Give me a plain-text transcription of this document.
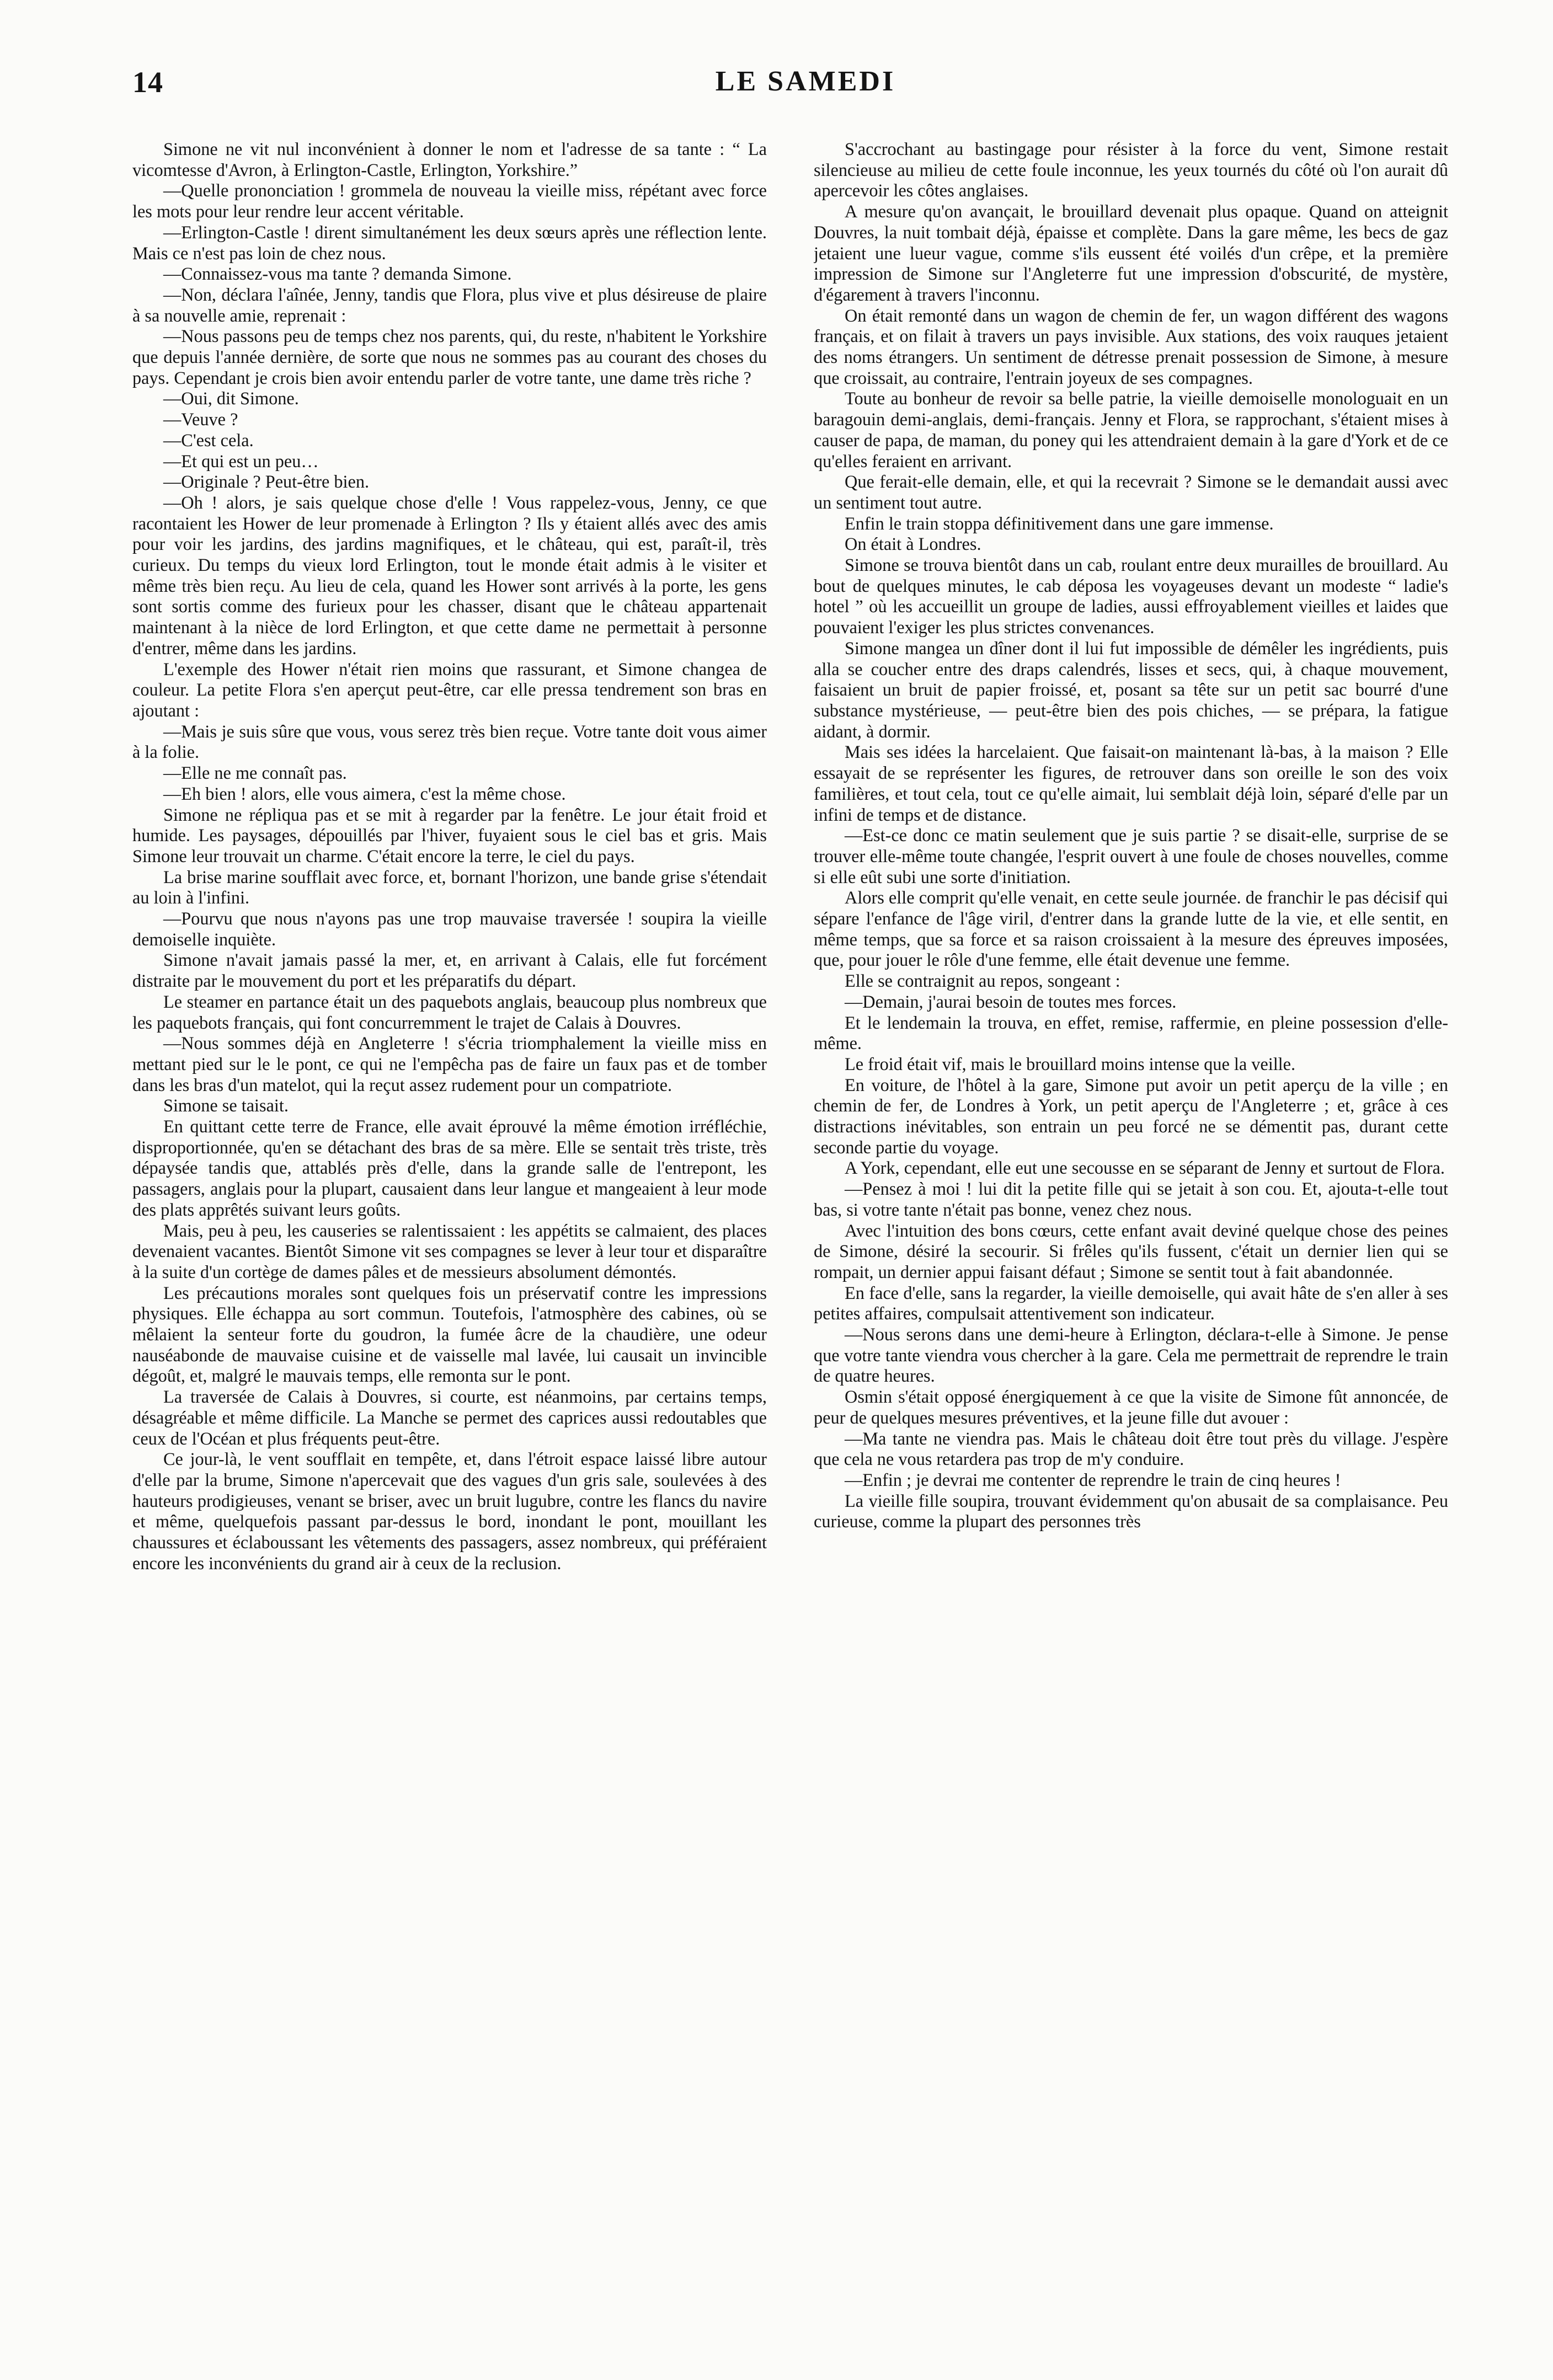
14	LE SAMEDI

Simone ne vit nul inconvénient à donner le nom et l'adresse de sa tante : “ La vicomtesse d'Avron, à Erlington-Castle, Erlington, Yorkshire.”

—Quelle prononciation ! grommela de nouveau la vieille miss, répétant avec force les mots pour leur rendre leur accent véritable.

—Erlington-Castle ! dirent simultanément les deux sœurs après une réflection lente. Mais ce n'est pas loin de chez nous.

—Connaissez-vous ma tante ? demanda Simone.

—Non, déclara l'aînée, Jenny, tandis que Flora, plus vive et plus désireuse de plaire à sa nouvelle amie, reprenait :

—Nous passons peu de temps chez nos parents, qui, du reste, n'habitent le Yorkshire que depuis l'année dernière, de sorte que nous ne sommes pas au courant des choses du pays. Cependant je crois bien avoir entendu parler de votre tante, une dame très riche ?

—Oui, dit Simone.

—Veuve ?

—C'est cela.

—Et qui est un peu…

—Originale ? Peut-être bien.

—Oh ! alors, je sais quelque chose d'elle ! Vous rappelez-vous, Jenny, ce que racontaient les Hower de leur promenade à Erlington ? Ils y étaient allés avec des amis pour voir les jardins, des jardins magnifiques, et le château, qui est, paraît-il, très curieux. Du temps du vieux lord Erlington, tout le monde était admis à le visiter et même très bien reçu. Au lieu de cela, quand les Hower sont arrivés à la porte, les gens sont sortis comme des furieux pour les chasser, disant que le château appartenait maintenant à la nièce de lord Erlington, et que cette dame ne permettait à personne d'entrer, même dans les jardins.

L'exemple des Hower n'était rien moins que rassurant, et Simone changea de couleur. La petite Flora s'en aperçut peut-être, car elle pressa tendrement son bras en ajoutant :

—Mais je suis sûre que vous, vous serez très bien reçue. Votre tante doit vous aimer à la folie.

—Elle ne me connaît pas.

—Eh bien ! alors, elle vous aimera, c'est la même chose.

Simone ne répliqua pas et se mit à regarder par la fenêtre. Le jour était froid et humide. Les paysages, dépouillés par l'hiver, fuyaient sous le ciel bas et gris. Mais Simone leur trouvait un charme. C'était encore la terre, le ciel du pays.

La brise marine soufflait avec force, et, bornant l'horizon, une bande grise s'étendait au loin à l'infini.

—Pourvu que nous n'ayons pas une trop mauvaise traversée ! soupira la vieille demoiselle inquiète.

Simone n'avait jamais passé la mer, et, en arrivant à Calais, elle fut forcément distraite par le mouvement du port et les préparatifs du départ.

Le steamer en partance était un des paquebots anglais, beaucoup plus nombreux que les paquebots français, qui font concurremment le trajet de Calais à Douvres.

—Nous sommes déjà en Angleterre ! s'écria triomphalement la vieille miss en mettant pied sur le le pont, ce qui ne l'empêcha pas de faire un faux pas et de tomber dans les bras d'un matelot, qui la reçut assez rudement pour un compatriote.

Simone se taisait.

En quittant cette terre de France, elle avait éprouvé la même émotion irréfléchie, disproportionnée, qu'en se détachant des bras de sa mère. Elle se sentait très triste, très dépaysée tandis que, attablés près d'elle, dans la grande salle de l'entrepont, les passagers, anglais pour la plupart, causaient dans leur langue et mangeaient à leur mode des plats apprêtés suivant leurs goûts.

Mais, peu à peu, les causeries se ralentissaient : les appétits se calmaient, des places devenaient vacantes. Bientôt Simone vit ses compagnes se lever à leur tour et disparaître à la suite d'un cortège de dames pâles et de messieurs absolument démontés.

Les précautions morales sont quelques fois un préservatif contre les impressions physiques. Elle échappa au sort commun. Toutefois, l'atmosphère des cabines, où se mêlaient la senteur forte du goudron, la fumée âcre de la chaudière, une odeur nauséabonde de mauvaise cuisine et de vaisselle mal lavée, lui causait un invincible dégoût, et, malgré le mauvais temps, elle remonta sur le pont.

La traversée de Calais à Douvres, si courte, est néanmoins, par certains temps, désagréable et même difficile. La Manche se permet des caprices aussi redoutables que ceux de l'Océan et plus fréquents peut-être.

Ce jour-là, le vent soufflait en tempête, et, dans l'étroit espace laissé libre autour d'elle par la brume, Simone n'apercevait que des vagues d'un gris sale, soulevées à des hauteurs prodigieuses, venant se briser, avec un bruit lugubre, contre les flancs du navire et même, quelquefois passant par-dessus le bord, inondant le pont, mouillant les chaussures et éclaboussant les vêtements des passagers, assez nombreux, qui préféraient encore les inconvénients du grand air à ceux de la reclusion.

S'accrochant au bastingage pour résister à la force du vent, Simone restait silencieuse au milieu de cette foule inconnue, les yeux tournés du côté où l'on aurait dû apercevoir les côtes anglaises.

A mesure qu'on avançait, le brouillard devenait plus opaque. Quand on atteignit Douvres, la nuit tombait déjà, épaisse et complète. Dans la gare même, les becs de gaz jetaient une lueur vague, comme s'ils eussent été voilés d'un crêpe, et la première impression de Simone sur l'Angleterre fut une impression d'obscurité, de mystère, d'égarement à travers l'inconnu.

On était remonté dans un wagon de chemin de fer, un wagon différent des wagons français, et on filait à travers un pays invisible. Aux stations, des voix rauques jetaient des noms étrangers. Un sentiment de détresse prenait possession de Simone, à mesure que croissait, au contraire, l'entrain joyeux de ses compagnes.

Toute au bonheur de revoir sa belle patrie, la vieille demoiselle monologuait en un baragouin demi-anglais, demi-français. Jenny et Flora, se rapprochant, s'étaient mises à causer de papa, de maman, du poney qui les attendraient demain à la gare d'York et de ce qu'elles feraient en arrivant.

Que ferait-elle demain, elle, et qui la recevrait ? Simone se le demandait aussi avec un sentiment tout autre.

Enfin le train stoppa définitivement dans une gare immense.

On était à Londres.

Simone se trouva bientôt dans un cab, roulant entre deux murailles de brouillard. Au bout de quelques minutes, le cab déposa les voyageuses devant un modeste “ ladie's hotel ” où les accueillit un groupe de ladies, aussi effroyablement vieilles et laides que pouvaient l'exiger les plus strictes convenances.

Simone mangea un dîner dont il lui fut impossible de démêler les ingrédients, puis alla se coucher entre des draps calendrés, lisses et secs, qui, à chaque mouvement, faisaient un bruit de papier froissé, et, posant sa tête sur un petit sac bourré d'une substance mystérieuse, — peut-être bien des pois chiches, — se prépara, la fatigue aidant, à dormir.

Mais ses idées la harcelaient. Que faisait-on maintenant là-bas, à la maison ? Elle essayait de se représenter les figures, de retrouver dans son oreille le son des voix familières, et tout cela, tout ce qu'elle aimait, lui semblait déjà loin, séparé d'elle par un infini de temps et de distance.

—Est-ce donc ce matin seulement que je suis partie ? se disait-elle, surprise de se trouver elle-même toute changée, l'esprit ouvert à une foule de choses nouvelles, comme si elle eût subi une sorte d'initiation.

Alors elle comprit qu'elle venait, en cette seule journée. de franchir le pas décisif qui sépare l'enfance de l'âge viril, d'entrer dans la grande lutte de la vie, et elle sentit, en même temps, que sa force et sa raison croissaient à la mesure des épreuves imposées, que, pour jouer le rôle d'une femme, elle était devenue une femme.

Elle se contraignit au repos, songeant :

—Demain, j'aurai besoin de toutes mes forces.

Et le lendemain la trouva, en effet, remise, raffermie, en pleine possession d'elle-même.

Le froid était vif, mais le brouillard moins intense que la veille.

En voiture, de l'hôtel à la gare, Simone put avoir un petit aperçu de la ville ; en chemin de fer, de Londres à York, un petit aperçu de l'Angleterre ; et, grâce à ces distractions inévitables, son entrain un peu forcé ne se démentit pas, durant cette seconde partie du voyage.

A York, cependant, elle eut une secousse en se séparant de Jenny et surtout de Flora.

—Pensez à moi ! lui dit la petite fille qui se jetait à son cou. Et, ajouta-t-elle tout bas, si votre tante n'était pas bonne, venez chez nous.

Avec l'intuition des bons cœurs, cette enfant avait deviné quelque chose des peines de Simone, désiré la secourir. Si frêles qu'ils fussent, c'était un dernier lien qui se rompait, un dernier appui faisant défaut ; Simone se sentit tout à fait abandonnée.

En face d'elle, sans la regarder, la vieille demoiselle, qui avait hâte de s'en aller à ses petites affaires, compulsait attentivement son indicateur.

—Nous serons dans une demi-heure à Erlington, déclara-t-elle à Simone. Je pense que votre tante viendra vous chercher à la gare. Cela me permettrait de reprendre le train de quatre heures.

Osmin s'était opposé énergiquement à ce que la visite de Simone fût annoncée, de peur de quelques mesures préventives, et la jeune fille dut avouer :

—Ma tante ne viendra pas. Mais le château doit être tout près du village. J'espère que cela ne vous retardera pas trop de m'y conduire.

—Enfin ; je devrai me contenter de reprendre le train de cinq heures !

La vieille fille soupira, trouvant évidemment qu'on abusait de sa complaisance. Peu curieuse, comme la plupart des personnes très
